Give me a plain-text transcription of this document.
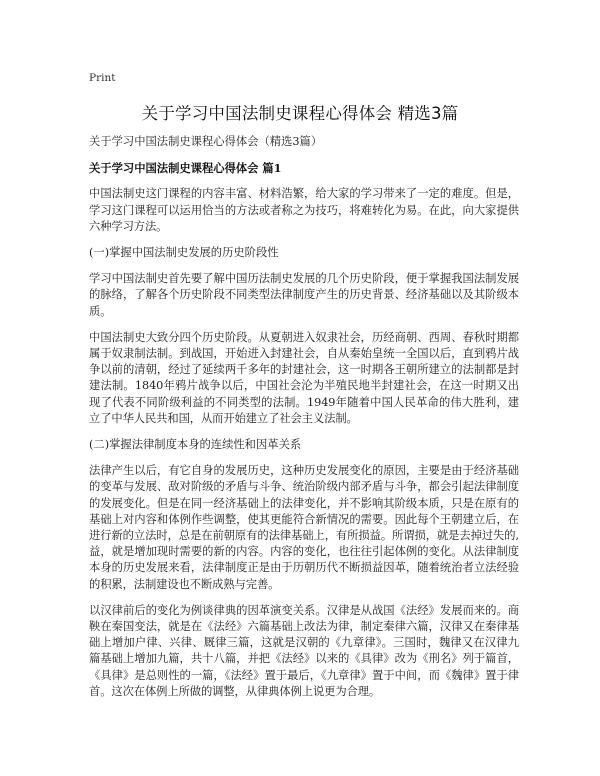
Print
关于学习中国法制史课程心得体会 精选3篇

关于学习中国法制史课程心得体会（精选3篇）

关于学习中国法制史课程心得体会 篇1

中国法制史这门课程的内容丰富、材料浩繁，给大家的学习带来了一定的难度。但是，学习这门课程可以运用恰当的方法或者称之为技巧，将难转化为易。在此，向大家提供六种学习方法。

(一)掌握中国法制史发展的历史阶段性

学习中国法制史首先要了解中国历法制史发展的几个历史阶段，便于掌握我国法制发展的脉络，了解各个历史阶段不同类型法律制度产生的历史背景、经济基础以及其阶级本质。

中国法制史大致分四个历史阶段。从夏朝进入奴隶社会，历经商朝、西周、春秋时期都属于奴隶制法制。到战国，开始进入封建社会，自从秦始皇统一全国以后，直到鸦片战争以前的清朝，经过了延续两千多年的封建社会，这一时期各王朝所建立的法制都是封建法制。1840年鸦片战争以后，中国社会沦为半殖民地半封建社会，在这一时期又出现了代表不同阶级利益的不同类型的法制。1949年随着中国人民革命的伟大胜利，建立了中华人民共和国，从而开始建立了社会主义法制。

(二)掌握法律制度本身的连续性和因革关系

法律产生以后，有它自身的发展历史，这种历史发展变化的原因，主要是由于经济基础的变革与发展、敌对阶级的矛盾与斗争、统治阶级内部矛盾与斗争，都会引起法律制度的发展变化。但是在同一经济基础上的法律变化，并不影响其阶级本质，只是在原有的基础上对内容和体例作些调整，使其更能符合新情况的需要。因此每个王朝建立后，在进行新的立法时，总是在前朝原有的法律基础上，有所损益。所谓损，就是去掉过失的,益，就是增加现时需要的新的内容。内容的变化，也往往引起体例的变化。从法律制度本身的历史发展来看，法律制度正是由于历朝历代不断损益因革，随着统治者立法经验的积累，法制建设也不断成熟与完善。

以汉律前后的变化为例谈律典的因革演变关系。汉律是从战国《法经》发展而来的。商鞅在秦国变法，就是在《法经》六篇基础上改法为律，制定秦律六篇，汉律又在秦律基础上增加户律、兴律、厩律三篇，这就是汉朝的《九章律》。三国时，魏律又在汉律九篇基础上增加九篇，共十八篇，并把《法经》以来的《具律》改为《刑名》列于篇首，《具律》是总则性的一篇，《法经》置于最后，《九章律》置于中间，而《魏律》置于律首。这次在体例上所做的调整，从律典体例上说更为合理。
